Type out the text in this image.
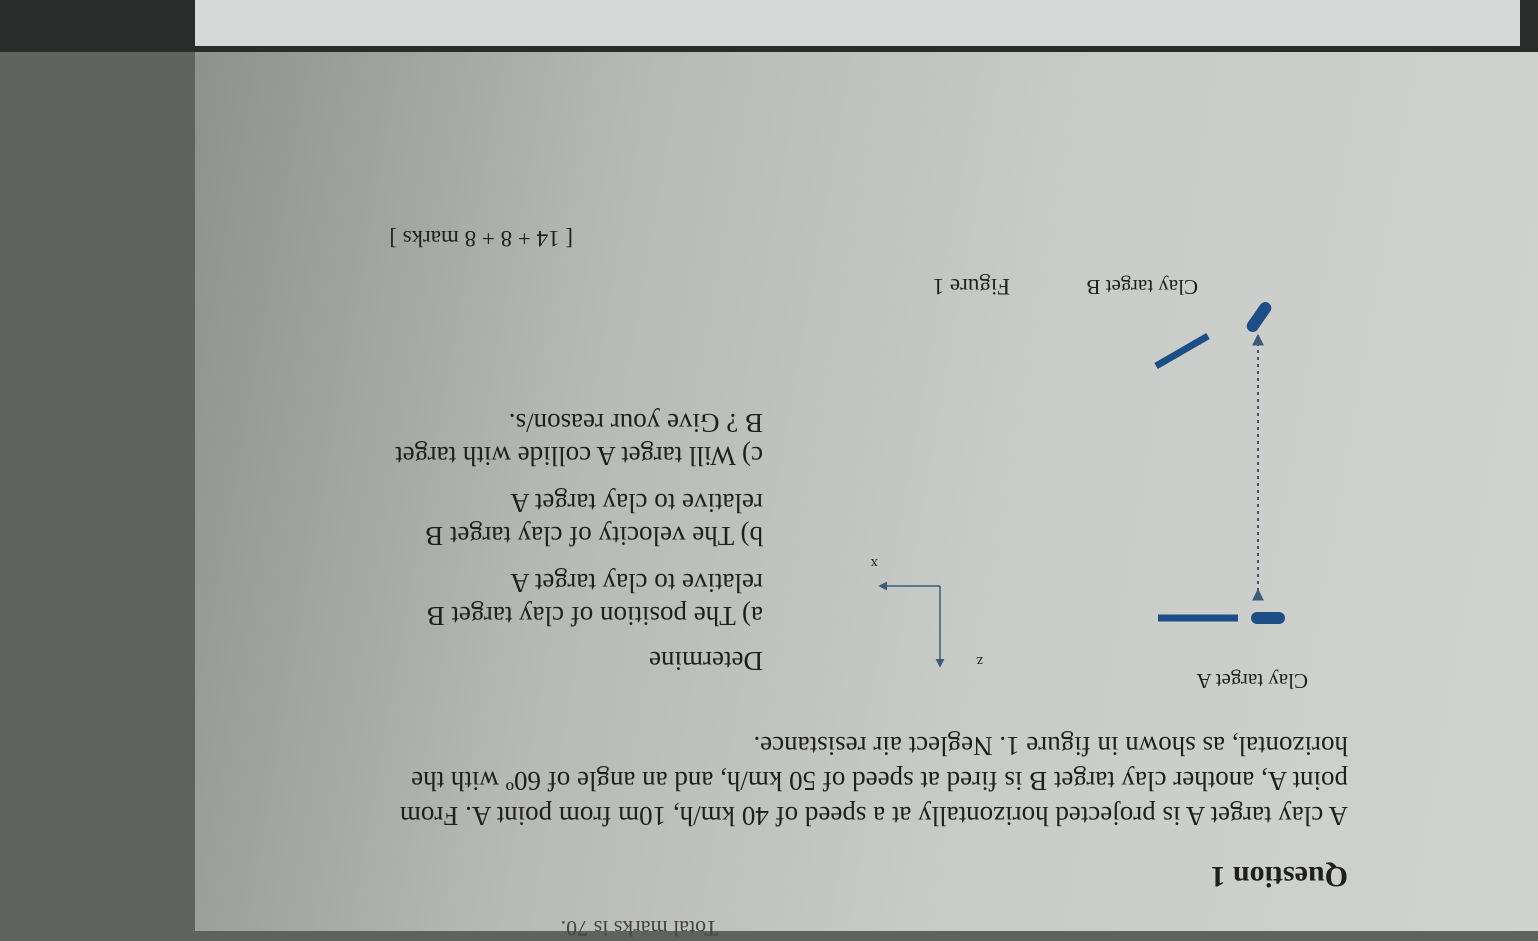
Total marks is 70.
Question 1
A clay target A is projected horizontally at a speed of 40 km/h, 10m from point A. From
point A, another clay target B is fired at speed of 50 km/h, and an angle of 60º with the
horizontal, as shown in figure 1. Neglect air resistance.
Clay target A
z
x
Determine
a) The position of clay target B
relative to clay target A
b) The velocity of clay target B
relative to clay target A
c) Will target A collide with target
B ? Give your reason/s.
Clay target B
Figure 1
[ 14 + 8 + 8 marks ]
